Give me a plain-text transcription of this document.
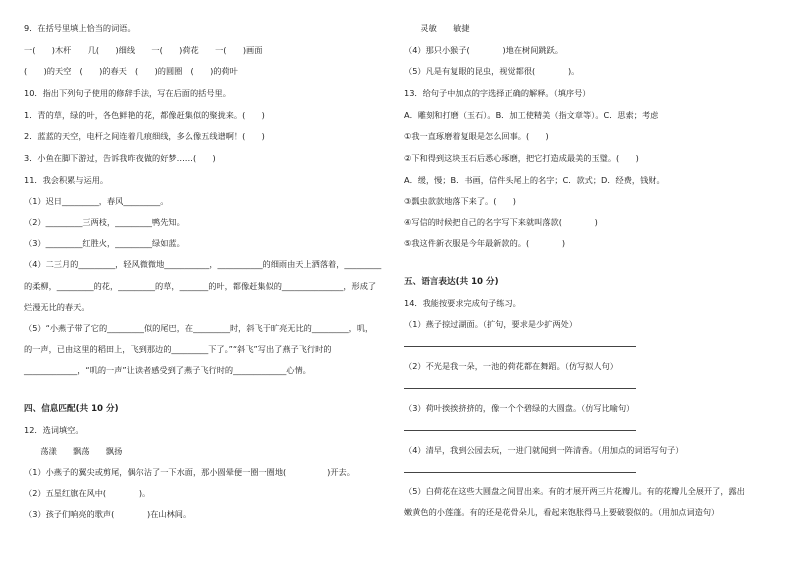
9．在括号里填上恰当的词语。
一(　　)木杆　　几(　　)细线　　一(　　)荷花　　一(　　)画面
(　　)的天空　(　　)的春天　(　　)的圆圈　(　　)的荷叶
10．指出下列句子使用的修辞手法，写在后面的括号里。
1．青的草，绿的叶，各色鲜艳的花，都像赶集似的聚拢来。(　　)
2．蓝蓝的天空，电杆之间连着几痕细线，多么像五线谱啊！(　　)
3．小鱼在脚下游过，告诉我昨夜做的好梦……(　　)
11．我会积累与运用。
（1）迟日_________，春风_________。
（2）_________三两枝，_________鸭先知。
（3）_________红胜火，_________绿如蓝。
（4）二三月的_________，轻风微微地___________，___________的细雨由天上洒落着，_________
的柔柳，_________的花，_________的草，_______的叶，都像赶集似的_______________，形成了
烂漫无比的春天。
（5）“小燕子带了它的_________似的尾巴，在_________时，斜飞于旷亮无比的_________，叽，
的一声，已由这里的稻田上，飞到那边的_________下了。”“斜飞”写出了燕子飞行时的
_____________，“叽的一声”让读者感受到了燕子飞行时的_____________心情。
四、信息匹配(共 10 分)
12．选词填空。
　　荡漾　　飘荡　　飘扬
（1）小燕子的翼尖或剪尾，偶尔沾了一下水面，那小圆晕便一圈一圈地(　　　　　)开去。
（2）五星红旗在风中(　　　　)。
（3）孩子们响亮的歌声(　　　　)在山林间。
　　灵敏　　敏捷
（4）那只小猴子(　　　　)地在树间跳跃。
（5）凡是有复眼的昆虫，视觉都很(　　　　)。
13．给句子中加点的字选择正确的解释。（填序号）
A．雕刻和打磨（玉石）。B．加工使精美（指文章等）。C．思索；考虑
①我一直琢磨着复眼是怎么回事。(　　)
②下和得到这块玉石后悉心琢磨，把它打造成最美的玉璧。(　　)
A．缓，慢；B．书画，信件头尾上的名字；C．款式；D．经费，钱财。
③瓢虫款款地落下来了。(　　)
④写信的时候把自己的名字写下来就叫落款(　　　　)
⑤我这件新衣服是今年最新款的。(　　　　)
五、语言表达(共 10 分)
14．我能按要求完成句子练习。
（1）燕子掠过湖面。（扩句，要求是少扩两处）
（2）不光是我一朵，一池的荷花都在舞蹈。（仿写拟人句）
（3）荷叶挨挨挤挤的，像一个个碧绿的大圆盘。（仿写比喻句）
（4）清早，我到公园去玩，一进门就闻到一阵清香。（用加点的词语写句子）
（5）白荷花在这些大圆盘之间冒出来。有的才展开两三片花瓣儿。有的花瓣儿全展开了，露出
嫩黄色的小莲蓬。有的还是花骨朵儿，看起来饱胀得马上要破裂似的。（用加点词造句）
